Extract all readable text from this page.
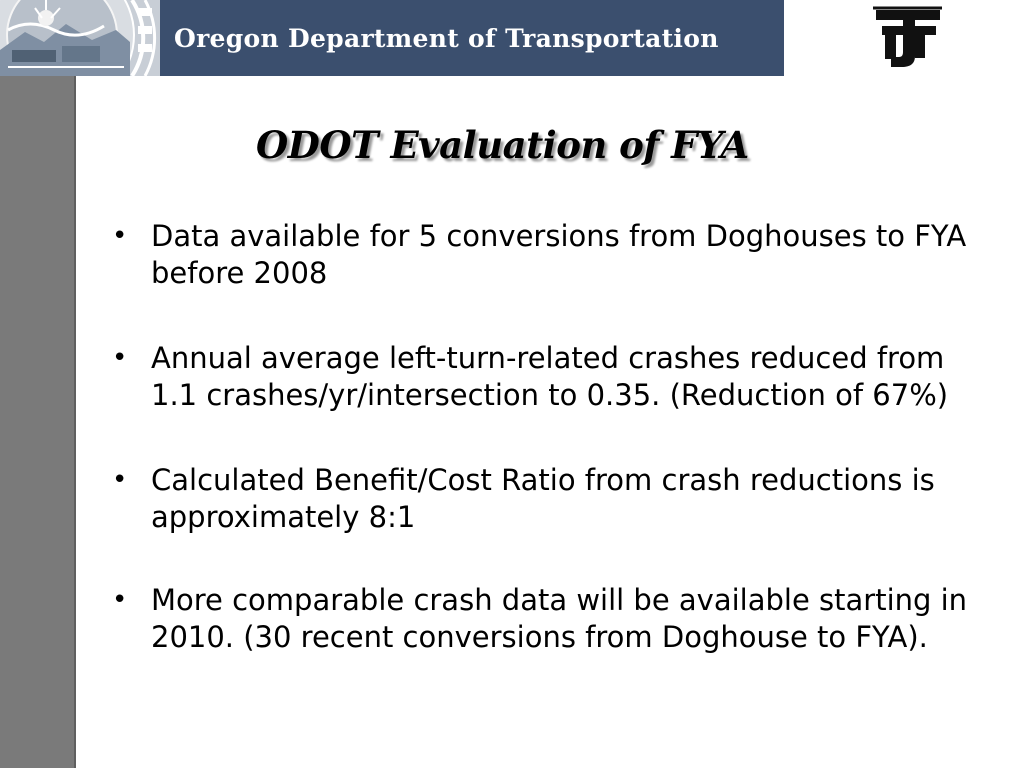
Oregon Department of Transportation
ODOT Evaluation of FYA
• Data available for 5 conversions from Doghouses to FYA before 2008
• Annual average left-turn-related crashes reduced from 1.1 crashes/yr/intersection to 0.35. (Reduction of 67%)
• Calculated Benefit/Cost Ratio from crash reductions is approximately 8:1
• More comparable crash data will be available starting in 2010. (30 recent conversions from Doghouse to FYA).
